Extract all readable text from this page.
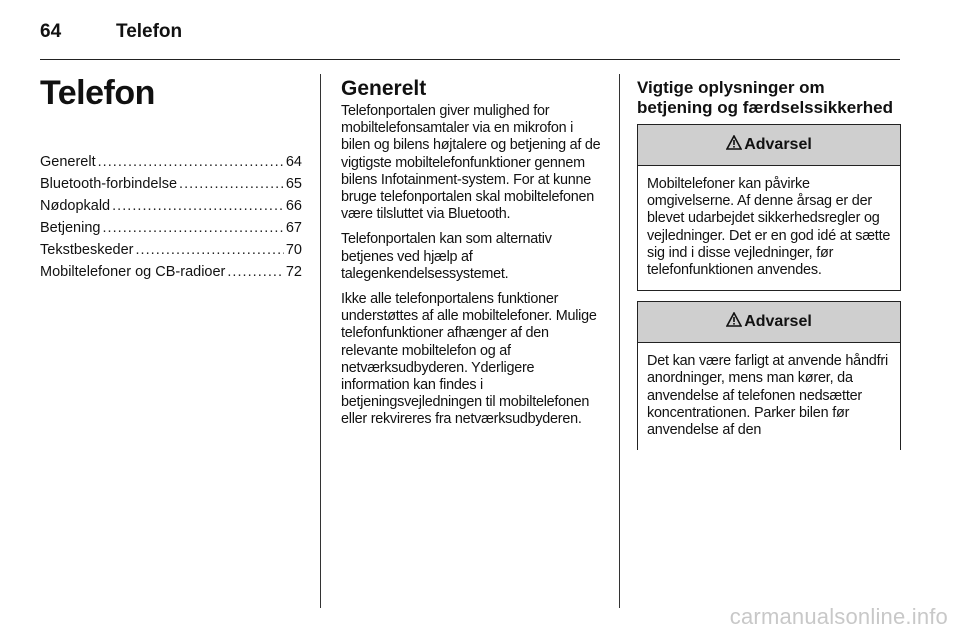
64	Telefon
Telefon
Generelt . . .	64
Bluetooth-forbindelse . . .	65
Nødopkald . . .	66
Betjening . . .	67
Tekstbeskeder . . .	70
Mobiltelefoner og CB-radioer . . .	72
Generelt

Telefonportalen giver mulighed for mobiltelefonsamtaler via en mikrofon i bilen og bilens højtalere og betjening af de vigtigste mobiltelefonfunktioner gennem bilens Infotainment-system. For at kunne bruge telefonportalen skal mobiltelefonen være tilsluttet via Bluetooth.

Telefonportalen kan som alternativ betjenes ved hjælp af talegenkendelsessystemet.

Ikke alle telefonportalens funktioner understøttes af alle mobiltelefoner. Mulige telefonfunktioner afhænger af den relevante mobiltelefon og af netværksudbyderen. Yderligere information kan findes i betjeningsvejledningen til mobiltelefonen eller rekvireres fra netværksudbyderen.

Vigtige oplysninger om betjening og færdselssikkerhed
Advarsel
Mobiltelefoner kan påvirke omgivelserne. Af denne årsag er der blevet udarbejdet sikkerhedsregler og vejledninger. Det er en god idé at sætte sig ind i disse vejledninger, før telefonfunktionen anvendes.
Advarsel
Det kan være farligt at anvende håndfri anordninger, mens man kører, da anvendelse af telefonen nedsætter koncentrationen. Parker bilen før anvendelse af den
carmanualsonline.info
